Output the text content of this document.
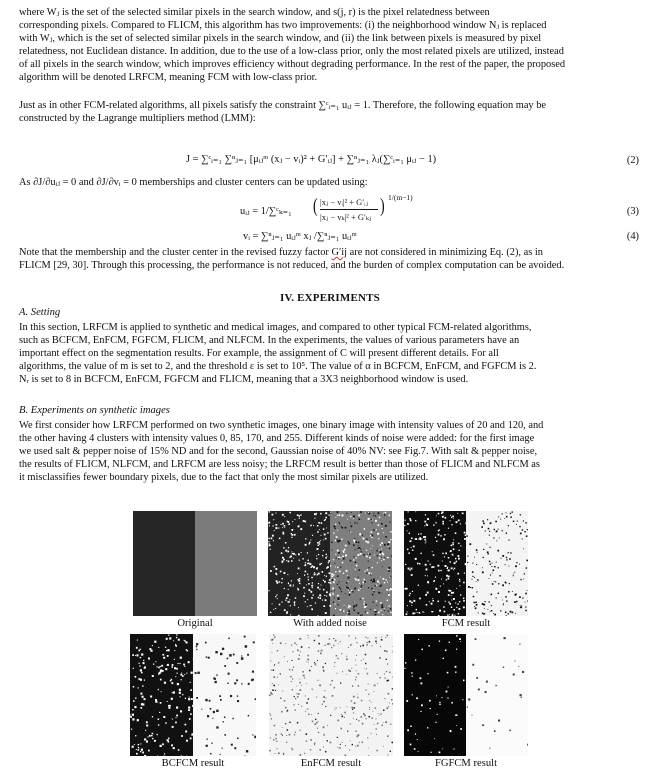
where Wⱼ is the set of the selected similar pixels in the search window, and s(j, r) is the pixel relatedness between
corresponding pixels. Compared to FLICM, this algorithm has two improvements: (i) the neighborhood window Nⱼ is replaced
with Wⱼ, which is the set of selected similar pixels in the search window, and (ii) the link between pixels is measured by pixel
relatedness, not Euclidean distance. In addition, due to the use of a low-class prior, only the most related pixels are utilized, instead
of all pixels in the search window, which improves efficiency without degrading performance. In the rest of the paper, the proposed
algorithm will be denoted LRFCM, meaning FCM with low-class prior.
Just as in other FCM-related algorithms, all pixels satisfy the constraint ∑ᶜᵢ₌₁ uᵢⱼ = 1. Therefore, the following equation may be
constructed by the Lagrange multipliers method (LMM):
J = ∑ᶜᵢ₌₁ ∑ⁿⱼ₌₁ [μᵢⱼᵐ (xⱼ − vᵢ)² + G′ᵢⱼ] + ∑ⁿⱼ₌₁ λⱼ(∑ᶜᵢ₌₁ μᵢⱼ − 1)	(2)
As ∂J/∂uᵢⱼ = 0 and ∂J/∂vᵢ = 0 memberships and cluster centers can be updated using:
uᵢⱼ = 1/∑ᶜₖ₌₁ ( |xⱼ − vᵢ|² + G′ᵢⱼ
|xⱼ − vₖ|² + G′ₖⱼ ) 1/(m−1)
(3)
vᵢ = ∑ⁿⱼ₌₁ uᵢⱼᵐ xⱼ /∑ⁿⱼ₌₁ uᵢⱼᵐ	(4)
Note that the membership and the cluster center in the revised fuzzy factor G′ij are not considered in minimizing Eq. (2), as in
FLICM [29, 30]. Through this processing, the performance is not reduced, and the burden of complex computation can be avoided.
IV. EXPERIMENTS
A. Setting
In this section, LRFCM is applied to synthetic and medical images, and compared to other typical FCM-related algorithms,
such as BCFCM, EnFCM, FGFCM, FLICM, and NLFCM. In the experiments, the values of various parameters have an
important effect on the segmentation results. For example, the assignment of C will present different details. For all
algorithms, the value of m is set to 2, and the threshold ε is set to 10⁵. The value of α in BCFCM, EnFCM, and FGFCM is 2.
Nᵣ is set to 8 in BCFCM, EnFCM, FGFCM and FLICM, meaning that a 3X3 neighborhood window is used.
B. Experiments on synthetic images
We first consider how LRFCM performed on two synthetic images, one binary image with intensity values of 20 and 120, and
the other having 4 clusters with intensity values 0, 85, 170, and 255. Different kinds of noise were added: for the first image
we used salt & pepper noise of 15% ND and for the second, Gaussian noise of 40% NV: see Fig.7. With salt & pepper noise,
the results of FLICM, NLFCM, and LRFCM are less noisy; the LRFCM result is better than those of FLICM and NLFCM as
it misclassifies fewer boundary pixels, due to the fact that only the most similar pixels are utilized.
Original	With added noise	FCM result
BCFCM result	EnFCM result	FGFCM result
